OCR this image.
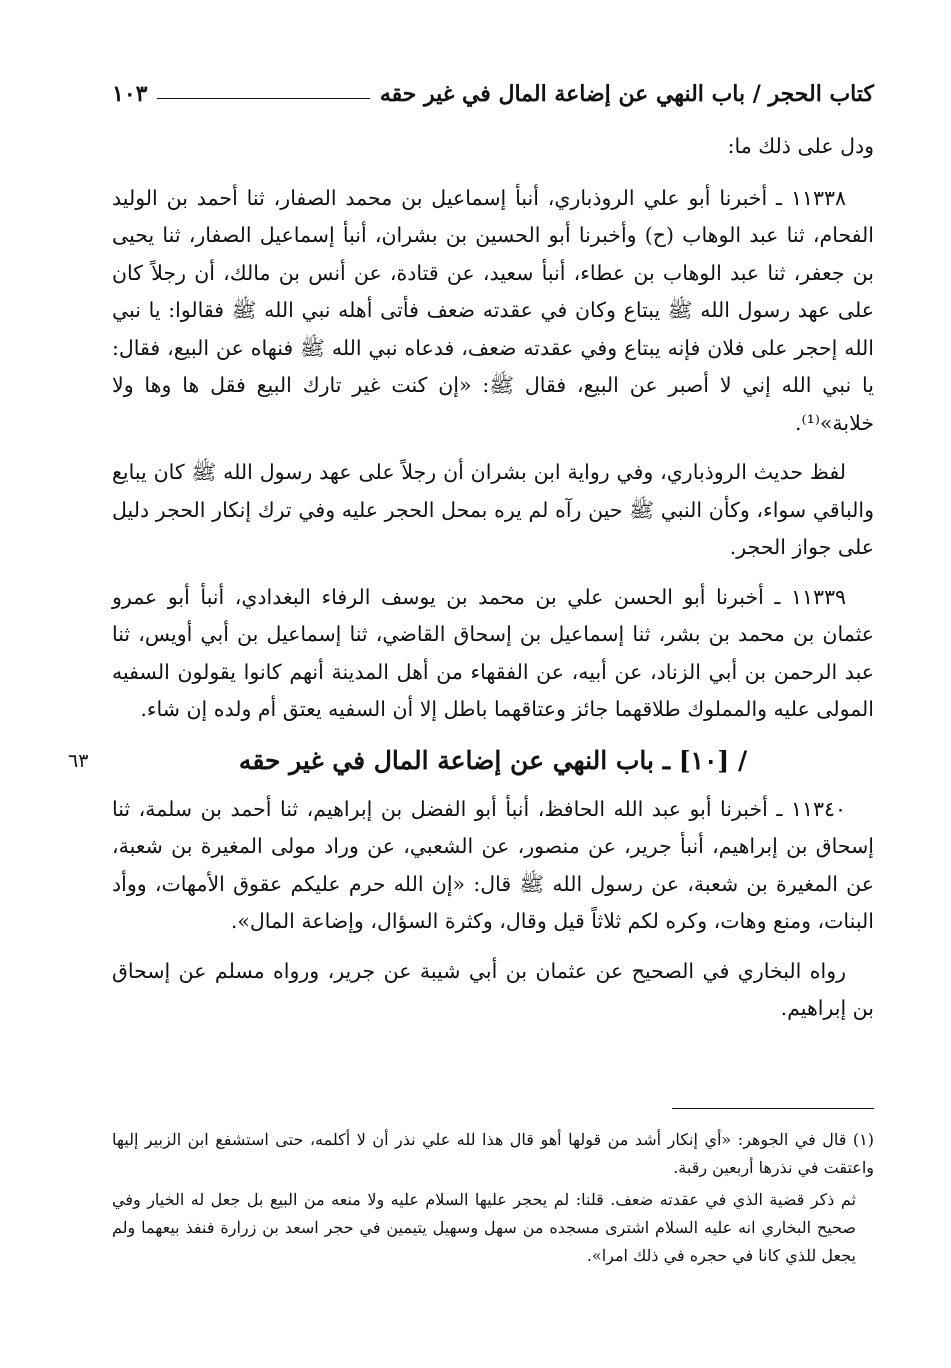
كتاب الحجر / باب النهي عن إضاعة المال في غير حقه
١٠٣

ودل على ذلك ما:

١١٣٣٨ ـ أخبرنا أبو علي الروذباري، أنبأ إسماعيل بن محمد الصفار، ثنا أحمد بن الوليد الفحام، ثنا عبد الوهاب (ح) وأخبرنا أبو الحسين بن بشران، أنبأ إسماعيل الصفار، ثنا يحيى بن جعفر، ثنا عبد الوهاب بن عطاء، أنبأ سعيد، عن قتادة، عن أنس بن مالك، أن رجلاً كان على عهد رسول الله ﷺ يبتاع وكان في عقدته ضعف فأتى أهله نبي الله ﷺ فقالوا: يا نبي الله إحجر على فلان فإنه يبتاع وفي عقدته ضعف، فدعاه نبي الله ﷺ فنهاه عن البيع، فقال: يا نبي الله إني لا أصبر عن البيع، فقال ﷺ: «إن كنت غير تارك البيع فقل ها وها ولا خلابة»⁽¹⁾.

لفظ حديث الروذباري، وفي رواية ابن بشران أن رجلاً على عهد رسول الله ﷺ كان يبايع والباقي سواء، وكأن النبي ﷺ حين رآه لم يره بمحل الحجر عليه وفي ترك إنكار الحجر دليل على جواز الحجر.

١١٣٣٩ ـ أخبرنا أبو الحسن علي بن محمد بن يوسف الرفاء البغدادي، أنبأ أبو عمرو عثمان بن محمد بن بشر، ثنا إسماعيل بن إسحاق القاضي، ثنا إسماعيل بن أبي أويس، ثنا عبد الرحمن بن أبي الزناد، عن أبيه، عن الفقهاء من أهل المدينة أنهم كانوا يقولون السفيه المولى عليه والمملوك طلاقهما جائز وعتاقهما باطل إلا أن السفيه يعتق أم ولده إن شاء.

/ [١٠] ـ باب النهي عن إضاعة المال في غير حقه
٦٣

١١٣٤٠ ـ أخبرنا أبو عبد الله الحافظ، أنبأ أبو الفضل بن إبراهيم، ثنا أحمد بن سلمة، ثنا إسحاق بن إبراهيم، أنبأ جرير، عن منصور، عن الشعبي، عن وراد مولى المغيرة بن شعبة، عن المغيرة بن شعبة، عن رسول الله ﷺ قال: «إن الله حرم عليكم عقوق الأمهات، ووأد البنات، ومنع وهات، وكره لكم ثلاثاً قيل وقال، وكثرة السؤال، وإضاعة المال».

رواه البخاري في الصحيح عن عثمان بن أبي شيبة عن جرير، ورواه مسلم عن إسحاق بن إبراهيم.

(١) قال في الجوهر: «أي إنكار أشد من قولها أهو قال هذا لله علي نذر أن لا أكلمه، حتى استشفع ابن الزبير إليها واعتقت في نذرها أربعين رقبة.

ثم ذكر قضية الذي في عقدته ضعف. قلنا: لم يحجر عليها السلام عليه ولا منعه من البيع بل جعل له الخيار وفي صحيح البخاري انه عليه السلام اشترى مسجده من سهل وسهيل يتيمين في حجر اسعد بن زرارة فنفذ بيعهما ولم يجعل للذي كانا في حجره في ذلك امرا».
